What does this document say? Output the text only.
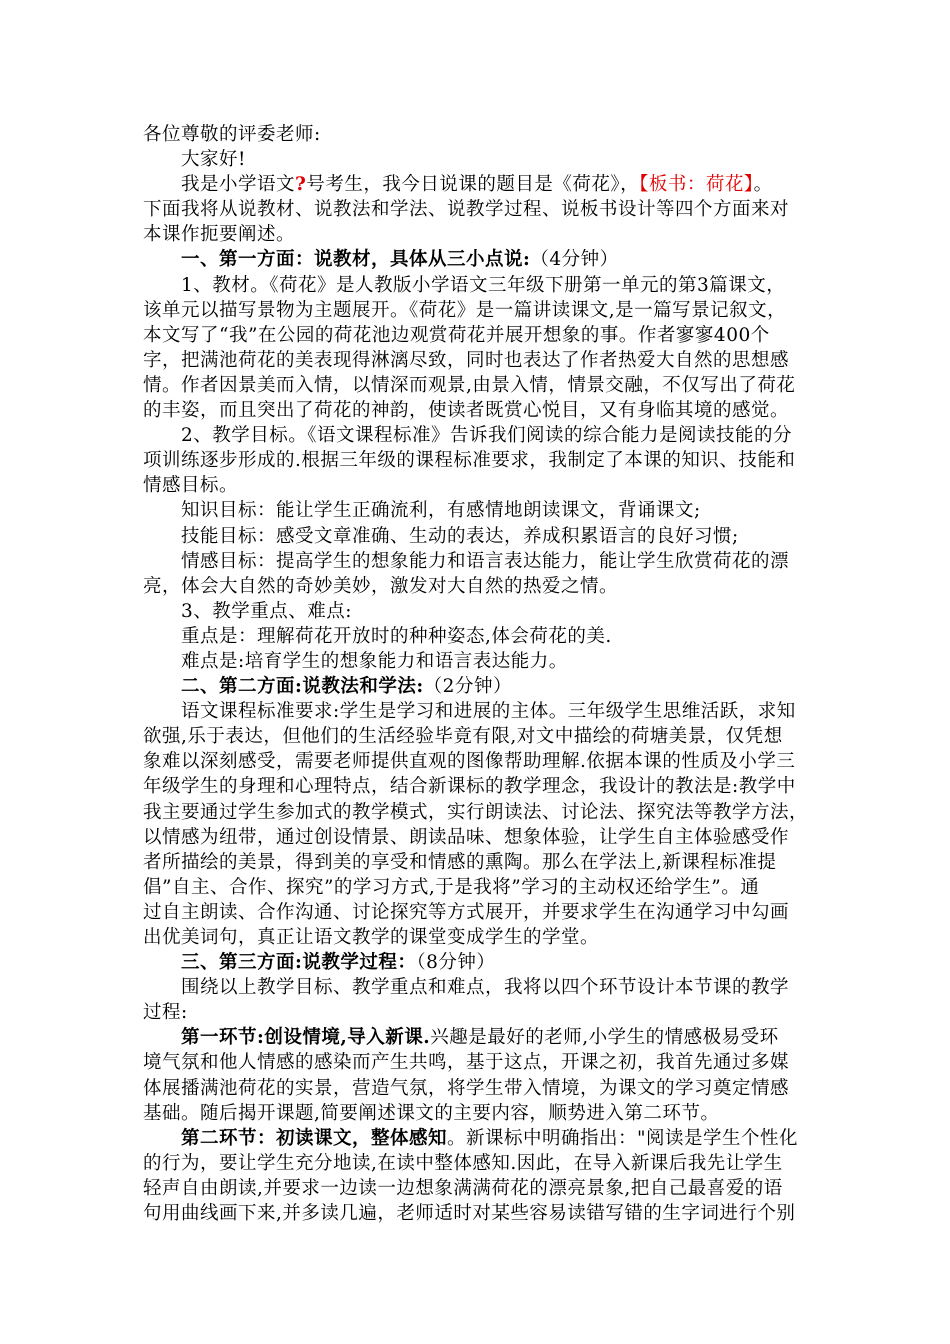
各位尊敬的评委老师:

大家好!

我是小学语文?号考生，我今日说课的题目是《荷花》，【板书：荷花】。

下面我将从说教材、说教法和学法、说教学过程、说板书设计等四个方面来对

本课作扼要阐述。

一、第一方面：说教材，具体从三小点说:（4分钟）

1、教材。《荷花》是人教版小学语文三年级下册第一单元的第3篇课文，

该单元以描写景物为主题展开。《荷花》是一篇讲读课文,是一篇写景记叙文，

本文写了“我”在公园的荷花池边观赏荷花并展开想象的事。作者寥寥400个

字，把满池荷花的美表现得淋漓尽致，同时也表达了作者热爱大自然的思想感

情。作者因景美而入情，以情深而观景,由景入情，情景交融，不仅写出了荷花

的丰姿，而且突出了荷花的神韵，使读者既赏心悦目，又有身临其境的感觉。

2、教学目标。《语文课程标准》告诉我们阅读的综合能力是阅读技能的分

项训练逐步形成的.根据三年级的课程标准要求，我制定了本课的知识、技能和

情感目标。

知识目标：能让学生正确流利，有感情地朗读课文，背诵课文;

技能目标：感受文章准确、生动的表达，养成积累语言的良好习惯;

情感目标：提高学生的想象能力和语言表达能力，能让学生欣赏荷花的漂

亮，体会大自然的奇妙美妙，激发对大自然的热爱之情。

3、教学重点、难点:

重点是：理解荷花开放时的种种姿态,体会荷花的美.

难点是:培育学生的想象能力和语言表达能力。

二、第二方面:说教法和学法:（2分钟）

语文课程标准要求:学生是学习和进展的主体。三年级学生思维活跃，求知

欲强,乐于表达，但他们的生活经验毕竟有限,对文中描绘的荷塘美景，仅凭想

象难以深刻感受，需要老师提供直观的图像帮助理解.依据本课的性质及小学三

年级学生的身理和心理特点，结合新课标的教学理念，我设计的教法是:教学中

我主要通过学生参加式的教学模式，实行朗读法、讨论法、探究法等教学方法，

以情感为纽带，通过创设情景、朗读品味、想象体验，让学生自主体验感受作

者所描绘的美景，得到美的享受和情感的熏陶。那么在学法上,新课程标准提

倡”自主、合作、探究”的学习方式,于是我将”学习的主动权还给学生”。通

过自主朗读、合作沟通、讨论探究等方式展开，并要求学生在沟通学习中勾画

出优美词句，真正让语文教学的课堂变成学生的学堂。

三、第三方面:说教学过程：（8分钟）

围绕以上教学目标、教学重点和难点，我将以四个环节设计本节课的教学

过程:

第一环节:创设情境,导入新课.兴趣是最好的老师,小学生的情感极易受环

境气氛和他人情感的感染而产生共鸣，基于这点，开课之初，我首先通过多媒

体展播满池荷花的实景，营造气氛，将学生带入情境，为课文的学习奠定情感

基础。随后揭开课题,简要阐述课文的主要内容，顺势进入第二环节。

第二环节：初读课文，整体感知。新课标中明确指出："阅读是学生个性化

的行为，要让学生充分地读,在读中整体感知.因此，在导入新课后我先让学生

轻声自由朗读,并要求一边读一边想象满满荷花的漂亮景象,把自己最喜爱的语

句用曲线画下来,并多读几遍，老师适时对某些容易读错写错的生字词进行个别
